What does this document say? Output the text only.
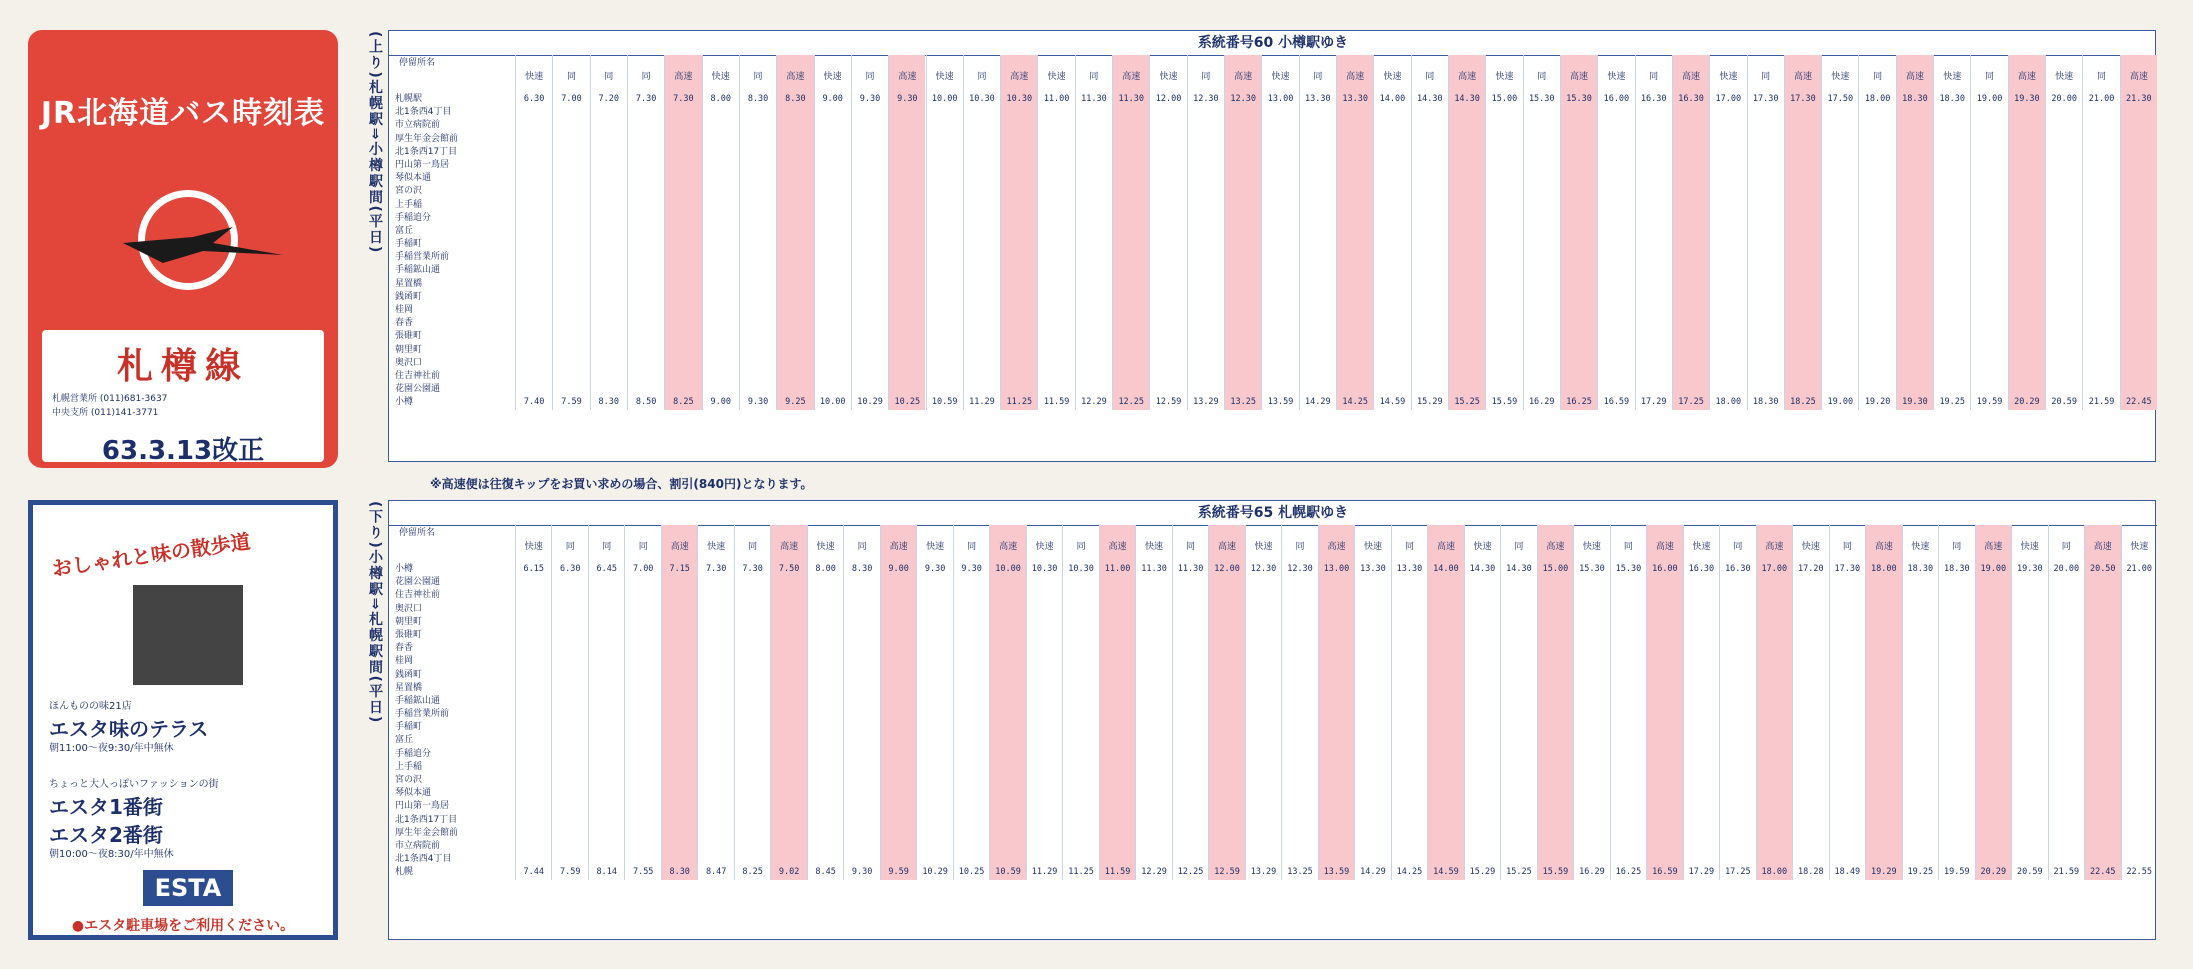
JR北海道バス時刻表
札樽線
札幌営業所 (011)681-3637
中央支所 (011)141-3771
63.3.13改正
おしゃれと味の散歩道
ほんものの味21店
エスタ味のテラス
朝11:00〜夜9:30/年中無休
ちょっと大人っぽいファッションの街
エスタ1番街
エスタ2番街
朝10:00〜夜8:30/年中無休
ESTA
●エスタ駐車場をご利用ください。
(上り)札幌駅⇒小樽駅間(平日)	系統番号60 小樽駅ゆき
停留所名
札幌駅
北1条西4丁目
市立病院前
厚生年金会館前
北1条西17丁目
円山第一鳥居
琴似本通
宮の沢
上手稲
手稲追分
富丘
手稲町
手稲営業所前
手稲鉱山通
星置橋
銭函町
桂岡
春香
張碓町
朝里町
奥沢口
住吉神社前
花園公園通
小樽
快速
6.30
7.40
同
7.00
7.59
同
7.20
8.30
同
7.30
8.50
高速
7.30
8.25
快速
8.00
9.00
同
8.30
9.30
高速
8.30
9.25
快速
9.00
10.00
同
9.30
10.29
高速
9.30
10.25
快速
10.00
10.59
同
10.30
11.29
高速
10.30
11.25
快速
11.00
11.59
同
11.30
12.29
高速
11.30
12.25
快速
12.00
12.59
同
12.30
13.29
高速
12.30
13.25
快速
13.00
13.59
同
13.30
14.29
高速
13.30
14.25
快速
14.00
14.59
同
14.30
15.29
高速
14.30
15.25
快速
15.00
15.59
同
15.30
16.29
高速
15.30
16.25
快速
16.00
16.59
同
16.30
17.29
高速
16.30
17.25
快速
17.00
18.00
同
17.30
18.30
高速
17.30
18.25
快速
17.50
19.00
同
18.00
19.20
高速
18.30
19.30
快速
18.30
19.25
同
19.00
19.59
高速
19.30
20.29
快速
20.00
20.59
同
21.00
21.59
高速
21.30
22.45
※高速便は往復キップをお買い求めの場合、割引(840円)となります。
(下り)小樽駅⇒札幌駅間(平日)	系統番号65 札幌駅ゆき
停留所名
小樽
花園公園通
住吉神社前
奥沢口
朝里町
張碓町
春香
桂岡
銭函町
星置橋
手稲鉱山通
手稲営業所前
手稲町
富丘
手稲追分
上手稲
宮の沢
琴似本通
円山第一鳥居
北1条西17丁目
厚生年金会館前
市立病院前
北1条西4丁目
札幌
快速
6.15
7.44
同
6.30
7.59
同
6.45
8.14
同
7.00
7.55
高速
7.15
8.30
快速
7.30
8.47
同
7.30
8.25
高速
7.50
9.02
快速
8.00
8.45
同
8.30
9.30
高速
9.00
9.59
快速
9.30
10.29
同
9.30
10.25
高速
10.00
10.59
快速
10.30
11.29
同
10.30
11.25
高速
11.00
11.59
快速
11.30
12.29
同
11.30
12.25
高速
12.00
12.59
快速
12.30
13.29
同
12.30
13.25
高速
13.00
13.59
快速
13.30
14.29
同
13.30
14.25
高速
14.00
14.59
快速
14.30
15.29
同
14.30
15.25
高速
15.00
15.59
快速
15.30
16.29
同
15.30
16.25
高速
16.00
16.59
快速
16.30
17.29
同
16.30
17.25
高速
17.00
18.00
快速
17.20
18.28
同
17.30
18.49
高速
18.00
19.29
快速
18.30
19.25
同
18.30
19.59
高速
19.00
20.29
快速
19.30
20.59
同
20.00
21.59
高速
20.50
22.45
快速
21.00
22.55
